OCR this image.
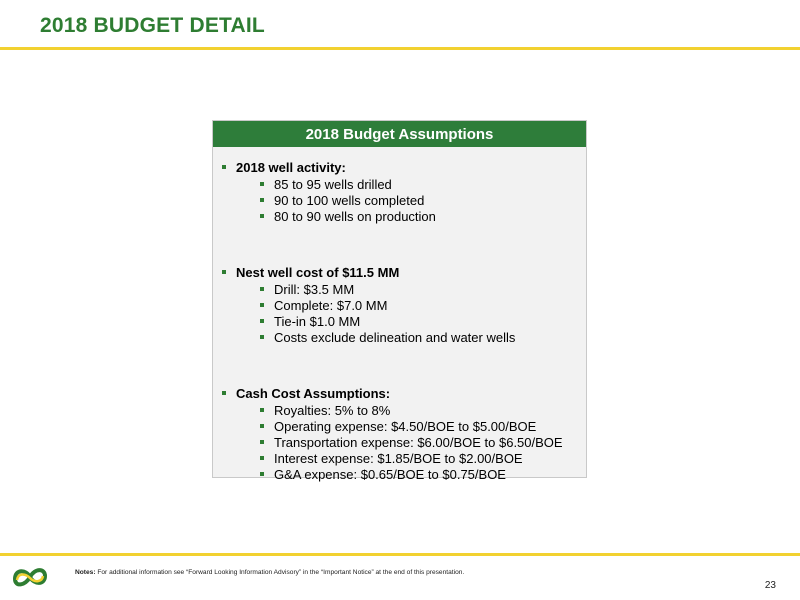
2018 BUDGET DETAIL
2018 Budget Assumptions
2018 well activity:
85 to 95 wells drilled
90 to 100 wells completed
80 to 90 wells on production
Nest well cost of $11.5 MM
Drill: $3.5 MM
Complete: $7.0 MM
Tie-in $1.0 MM
Costs exclude delineation and water wells
Cash Cost Assumptions:
Royalties: 5% to 8%
Operating expense: $4.50/BOE to $5.00/BOE
Transportation expense: $6.00/BOE to $6.50/BOE
Interest expense: $1.85/BOE to $2.00/BOE
G&A expense: $0.65/BOE to $0.75/BOE
Notes: For additional information see “Forward Looking Information Advisory” in the “Important Notice” at the end of this presentation.
23
